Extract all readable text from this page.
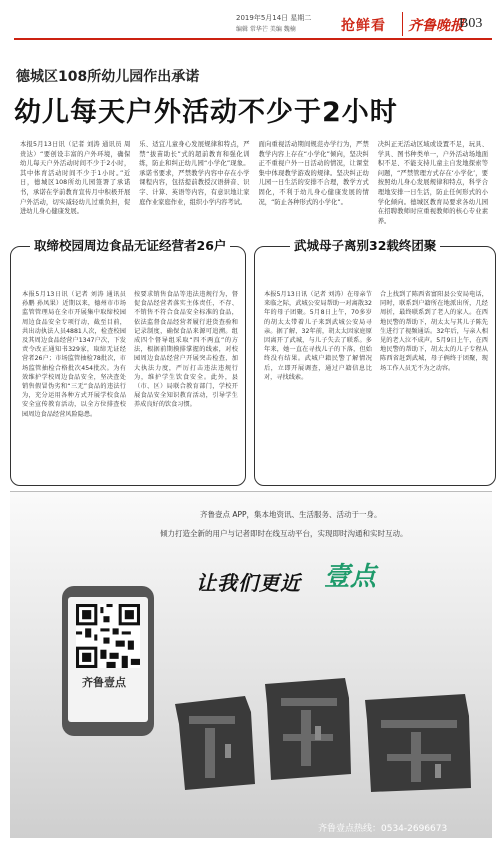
2019年5月14日 星期二
编辑 常华芒 美编 魏楠	抢鲜看 齐鲁晚报
B03
德城区108所幼儿园作出承诺
幼儿每天户外活动不少于2小时
本报5月13日讯（记者 刘涛 通讯员 周贵达）“要创设丰富的户外环境，确保幼儿每天户外活动时间不少于2小时，其中体育活动时间不少于1小时。”近日，德城区108所幼儿园签署了承诺书，承诺在学前教育宣传月中积极开展户外活动，切实减轻幼儿过重负担，促进幼儿身心健康发展。
乐、适宜儿童身心发展规律和特点，严禁“拔苗助长”式的超前教育和强化训练，防止和纠正幼儿园“小学化”现象。承诺书要求，严禁教学内容中存在小学课程内容，包括提前教授汉语拼音、识字、计算、英语等内容，有意识地让家庭作业家庭作业，组织小学内容考试。
面向重视活动期间规范办学行为，严禁教学内容上存在“小学化”倾向，坚决纠正不重视户外一日活动的情况，让课堂集中体现教学游戏的规律。坚决纠正幼儿园一日生活的安排不合理，教学方式固化，不利于幼儿身心健康发展的情况，“防止各种形式的小学化”。
决纠正无活动区域或设置不足，玩具、学具、图书种类单一，户外活动场地面积不足、不能支持儿童主自发地探索等问题，“严禁管理方式存在‘小学化’，要按照幼儿身心发展规律和特点，科学合理地安排一日生活，防止任何形式的小学化倾向。德城区教育局要求各幼儿园在招聘教师时应重视教师的核心专业素养。
取缔校园周边食品无证经营者26户
本报5月13日讯（记者 刘涛 通讯员 孙鹏 孙凤果）近期以来，德州市市场监管管理局在全市开展集中取缔校园周边食品安全专项行动，截至目前，共出动执法人员4881人次，检查校园及其周边食品经营户1347户次，下发责令改正通知书329家，取缔无证经营者26户；市场监管抽检78批次，市场监管抽检合格批次454批次。为有效维护学校周边食品安全，坚决查处销售假冒伪劣和“三无”食品的违法行为，充分运用各种方式开展学校食品安全宣传教育活动，以全方位排查校园周边食品经营风险隐患。
按要求销售食品等违法违规行为，督促食品经营者落实主体责任，不存、不销售不符合食品安全标准的食品，依法监督食品经营者履行进货查验和记录制度，确保食品来源可追溯。组成四个督导组采取“四不两直”的方法，根据前期摸排掌握的线索，对校园周边食品经营户开展突击检查，加大执法力度，严厉打击违法违规行为，维护学生饮食安全。此外，县（市、区）局联合教育部门，学校开展食品安全知识教育活动，引导学生养成良好的饮食习惯。
武城母子离别32载终团聚
本报5月13日讯（记者 刘涛）在母亲节来临之际，武城公安局帮助一对离散32年的母子团聚。5月8日上午，70多岁的胡太太带着儿子来到武城公安局寻亲。据了解，32年前，胡太太因家庭原因离开了武城，与儿子失去了联系。多年来，她一直在寻找儿子的下落，但始终没有结果。武城户籍民警了解情况后，立即开展调查，通过户籍信息比对，寻找线索。
合上找到了陈西省富阳县公安局电话，同时，联系到户籍所在地派出所，几经周折，最终联系到了老人的家人。在西地民警的帮助下，胡太太与其儿子陈先生进行了视频通话。32年后，与亲人相见的老人泣不成声。5月9日上午，在西地民警的帮助下，胡太太的儿子专程从陈西省赶到武城，母子俩终于团聚，现场工作人员无不为之动容。
齐鲁壹点 APP，集本地资讯、生活服务、活动于一身。
倾力打造全新的用户与记者即时在线互动平台，实现即时沟通和实时互动。
让我们更近 壹点
齐鲁壹点
齐鲁壹点热线：0534-2696673
